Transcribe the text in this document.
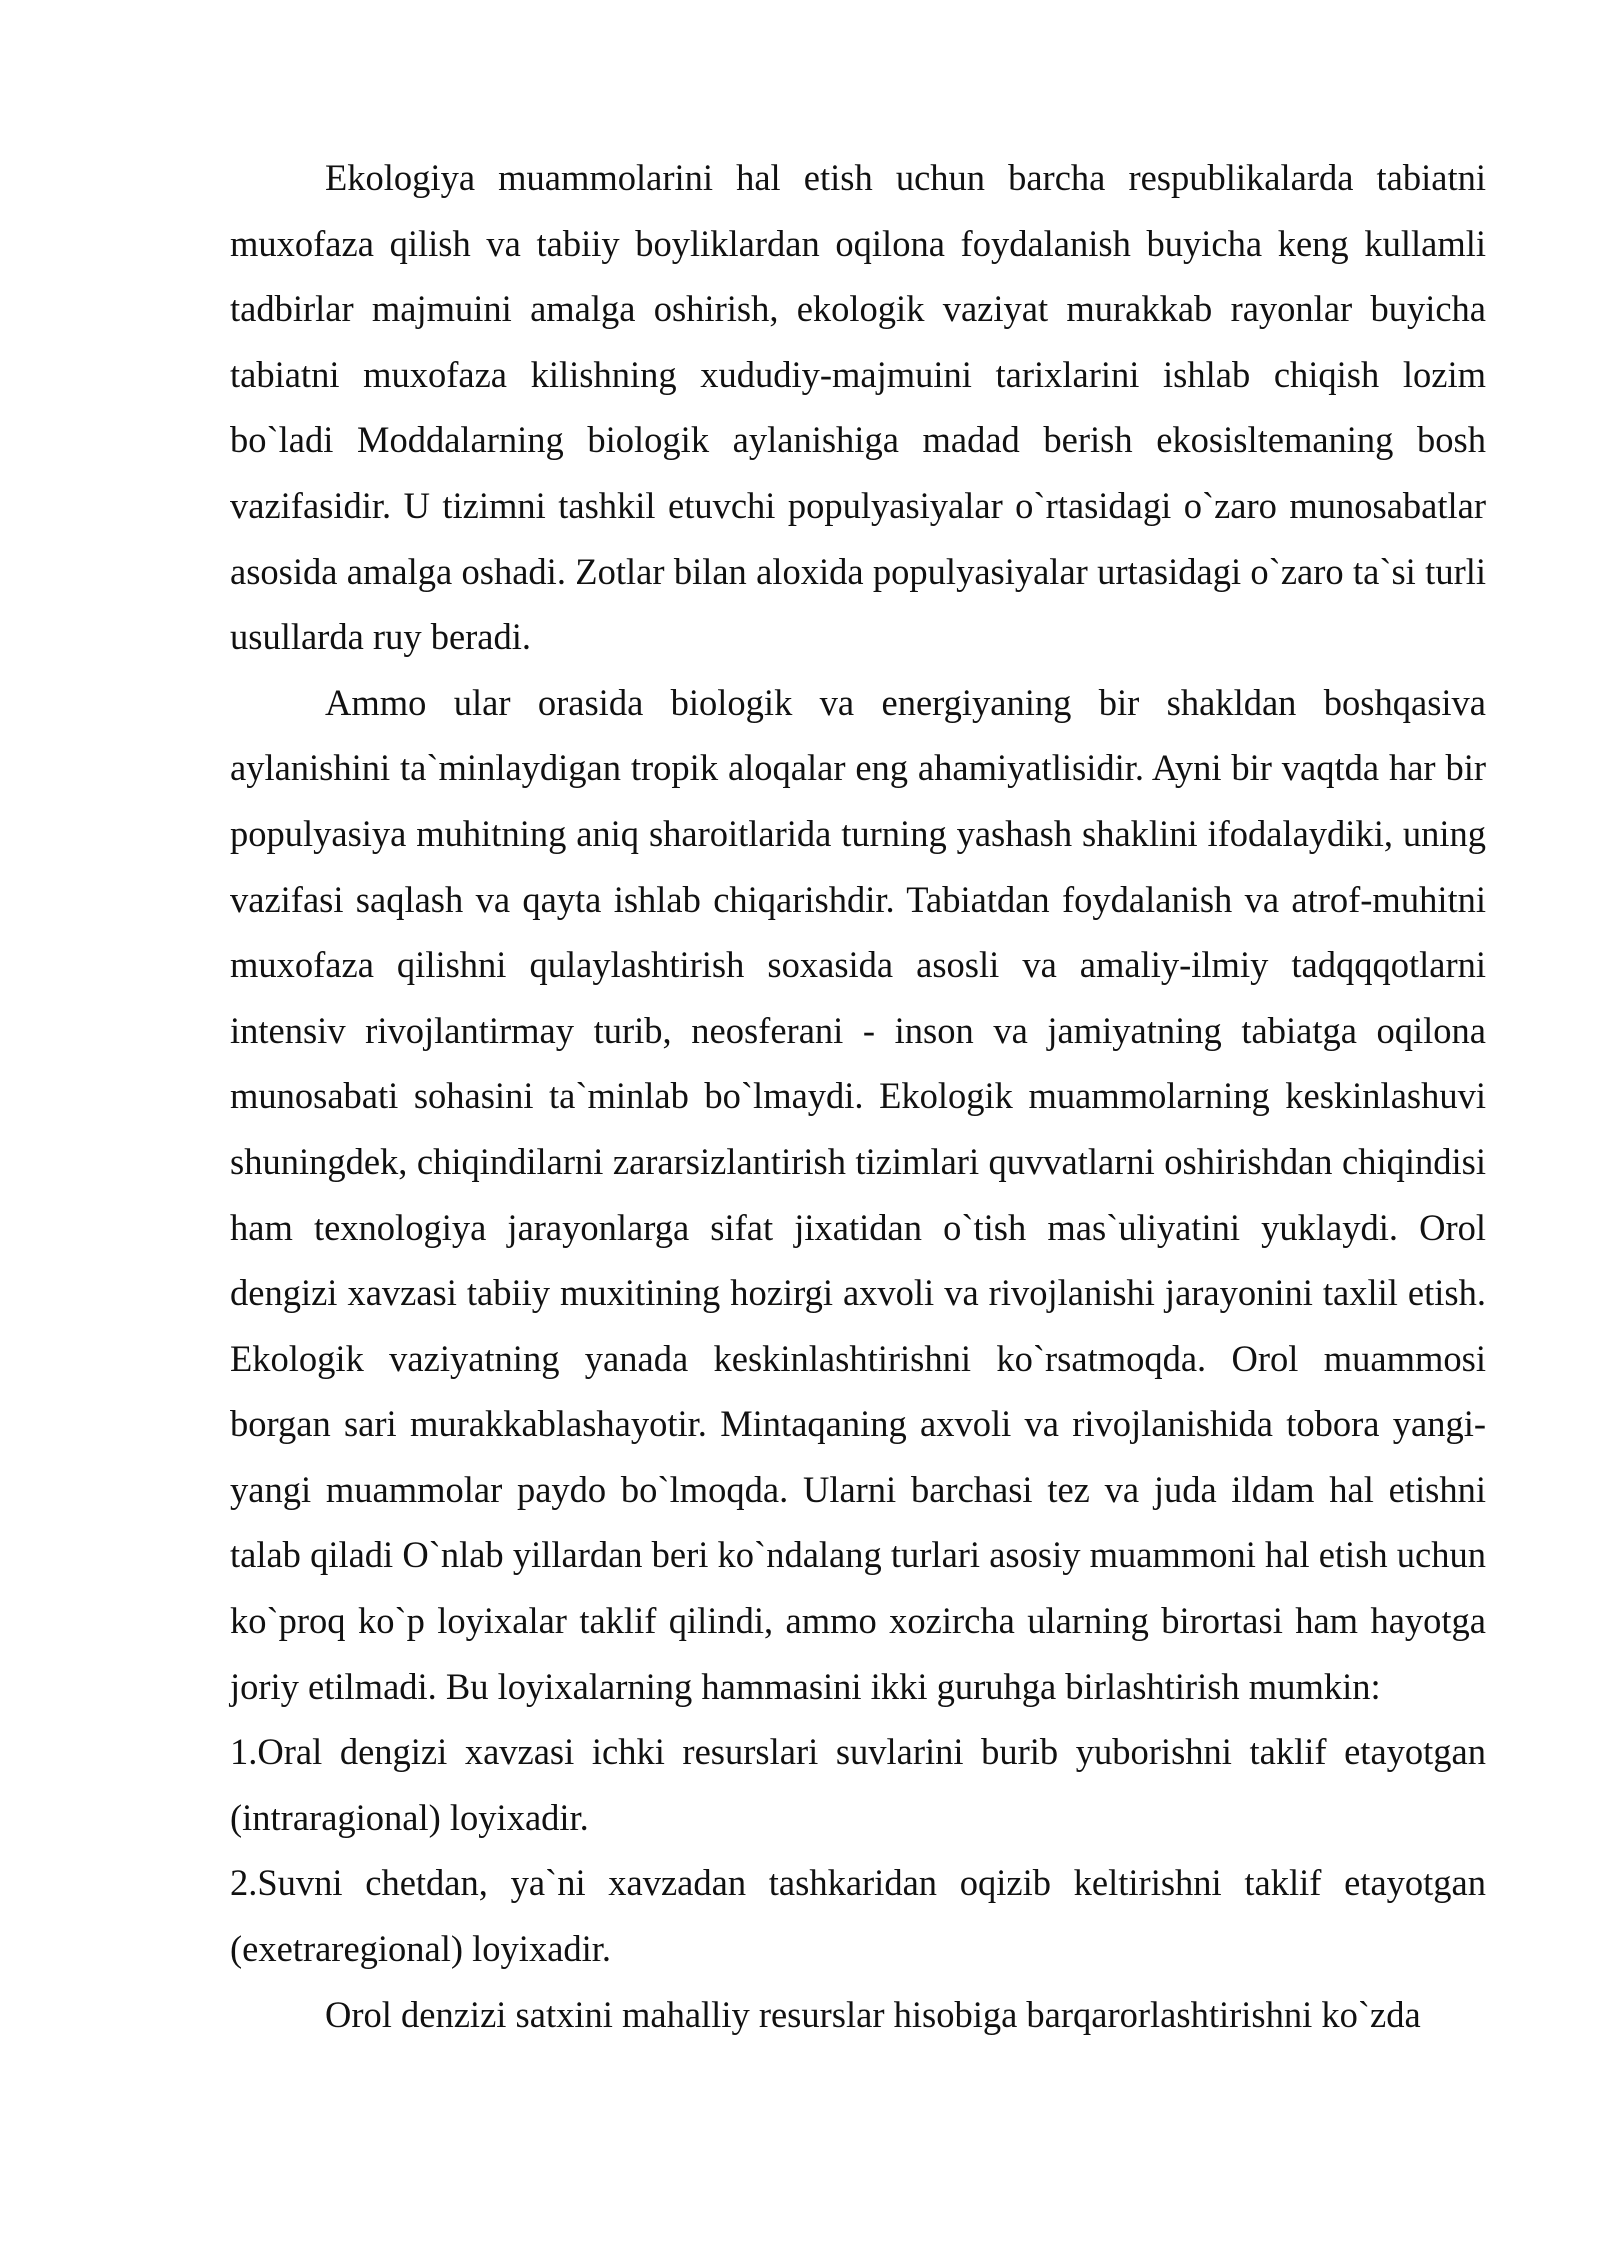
Ekologiya muammolarini hal etish uchun barcha respublikalarda tabiatni muxofaza qilish va tabiiy boyliklardan oqilona foydalanish buyicha keng kullamli tadbirlar majmuini amalga oshirish, ekologik vaziyat murakkab rayonlar buyicha tabiatni muxofaza kilishning xududiy-majmuini tarixlarini ishlab chiqish lozim bo`ladi Moddalarning biologik aylanishiga madad berish ekosisltemaning bosh vazifasidir. U tizimni tashkil etuvchi populyasiyalar o`rtasidagi o`zaro munosabatlar asosida amalga oshadi. Zotlar bilan aloxida populyasiyalar urtasidagi o`zaro ta`si turli usullarda ruy beradi.

Ammo ular orasida biologik va energiyaning bir shakldan boshqasiva aylanishini ta`minlaydigan tropik aloqalar eng ahamiyatlisidir. Ayni bir vaqtda har bir populyasiya muhitning aniq sharoitlarida turning yashash shaklini ifodalaydiki, uning vazifasi saqlash va qayta ishlab chiqarishdir. Tabiatdan foydalanish va atrof-muhitni muxofaza qilishni qulaylashtirish soxasida asosli va amaliy-ilmiy tadqqqotlarni intensiv rivojlantirmay turib, neosferani - inson va jamiyatning tabiatga oqilona munosabati sohasini ta`minlab bo`lmaydi. Ekologik muammolarning keskinlashuvi shuningdek, chiqindilarni zararsizlantirish tizimlari quvvatlarni oshirishdan chiqindisi ham texnologiya jarayonlarga sifat jixatidan o`tish mas`uliyatini yuklaydi. Orol dengizi xavzasi tabiiy muxitining hozirgi axvoli va rivojlanishi jarayonini taxlil etish. Ekologik vaziyatning yanada keskinlashtirishni ko`rsatmoqda. Orol muammosi borgan sari murakkablashayotir. Mintaqaning axvoli va rivojlanishida tobora yangi-yangi muammolar paydo bo`lmoqda. Ularni barchasi tez va juda ildam hal etishni talab qiladi O`nlab yillardan beri ko`ndalang turlari asosiy muammoni hal etish uchun ko`proq ko`p loyixalar taklif qilindi, ammo xozircha ularning birortasi ham hayotga joriy etilmadi. Bu loyixalarning hammasini ikki guruhga birlashtirish mumkin:

1.Oral dengizi xavzasi ichki resurslari suvlarini burib yuborishni taklif etayotgan (intraragional) loyixadir.

2.Suvni chetdan, ya`ni xavzadan tashkaridan oqizib keltirishni taklif etayotgan (exetraregional) loyixadir.

Orol denzizi satxini mahalliy resurslar hisobiga barqarorlashtirishni ko`zda
